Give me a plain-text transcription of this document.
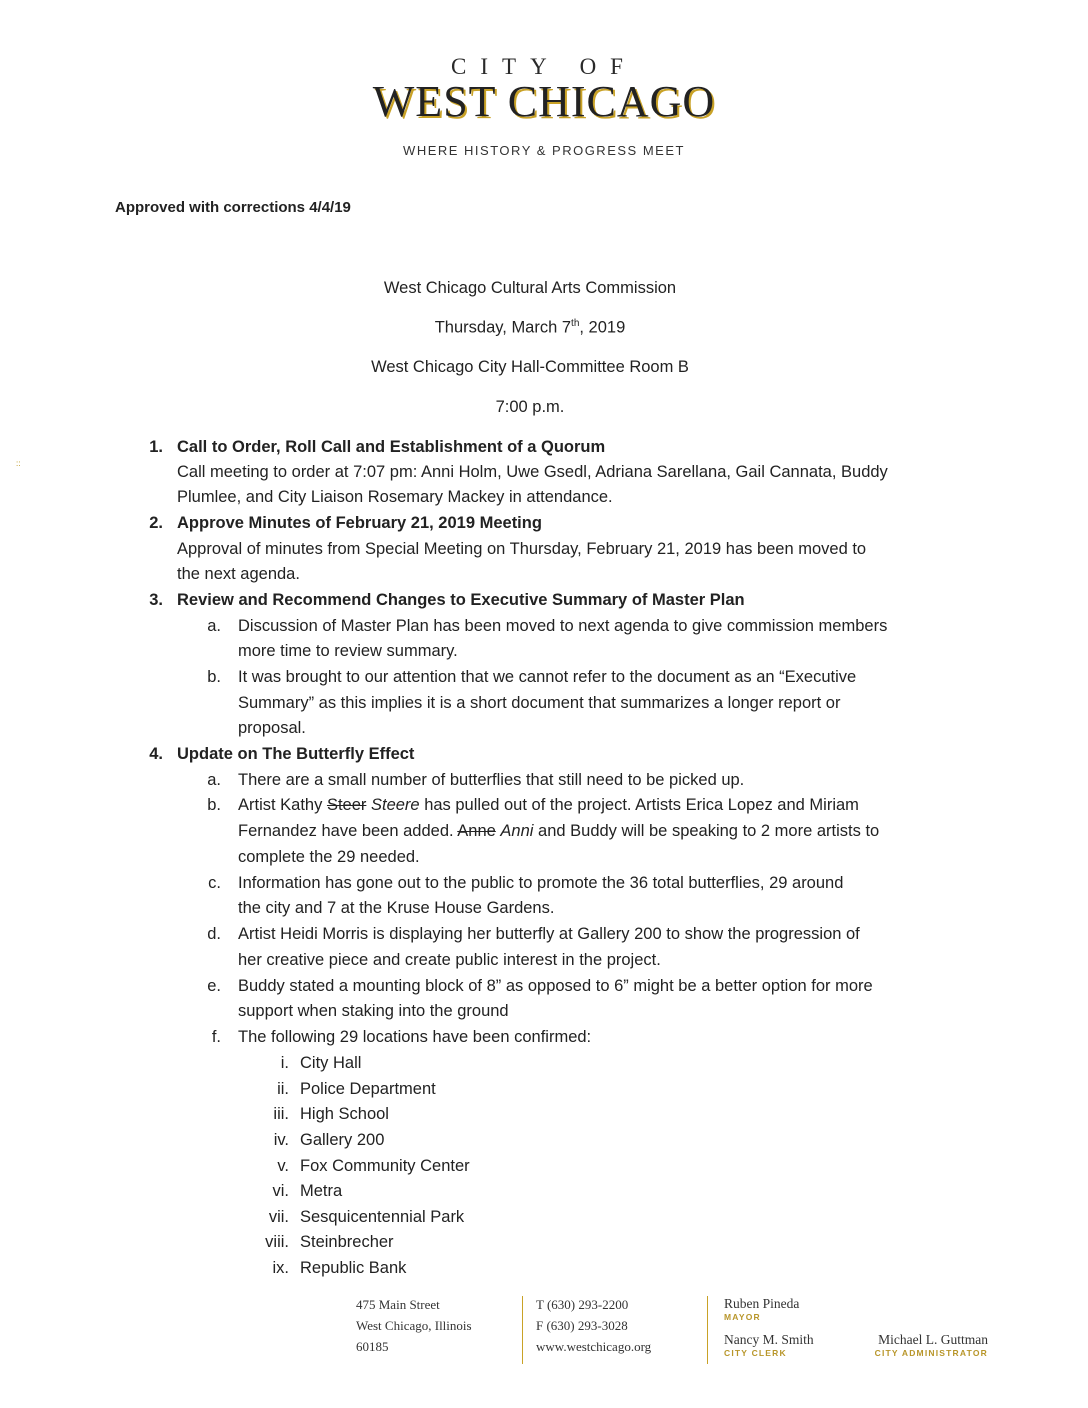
CITY OF
WEST CHICAGO
WHERE HISTORY & PROGRESS MEET
Approved with corrections 4/4/19
West Chicago Cultural Arts Commission
Thursday, March 7th, 2019
West Chicago City Hall-Committee Room B
7:00 p.m.
::
1. Call to Order, Roll Call and Establishment of a Quorum
Call meeting to order at 7:07 pm: Anni Holm, Uwe Gsedl, Adriana Sarellana, Gail Cannata, Buddy
Plumlee, and City Liaison Rosemary Mackey in attendance.
2. Approve Minutes of February 21, 2019 Meeting
Approval of minutes from Special Meeting on Thursday, February 21, 2019 has been moved to
the next agenda.
3. Review and Recommend Changes to Executive Summary of Master Plan
a. Discussion of Master Plan has been moved to next agenda to give commission members
more time to review summary.
b. It was brought to our attention that we cannot refer to the document as an “Executive
Summary” as this implies it is a short document that summarizes a longer report or
proposal.
4. Update on The Butterfly Effect
a. There are a small number of butterflies that still need to be picked up.
b. Artist Kathy Steer Steere has pulled out of the project. Artists Erica Lopez and Miriam
Fernandez have been added. Anne Anni and Buddy will be speaking to 2 more artists to
complete the 29 needed.
c. Information has gone out to the public to promote the 36 total butterflies, 29 around
the city and 7 at the Kruse House Gardens.
d. Artist Heidi Morris is displaying her butterfly at Gallery 200 to show the progression of
her creative piece and create public interest in the project.
e. Buddy stated a mounting block of 8” as opposed to 6” might be a better option for more
support when staking into the ground
f. The following 29 locations have been confirmed:
i. City Hall
ii. Police Department
iii. High School
iv. Gallery 200
v. Fox Community Center
vi. Metra
vii. Sesquicentennial Park
viii. Steinbrecher
ix. Republic Bank
475 Main Street
West Chicago, Illinois
60185
T (630) 293-2200
F (630) 293-3028
www.westchicago.org
Ruben Pineda
MAYOR
Nancy M. Smith
CITY CLERK
Michael L. Guttman
CITY ADMINISTRATOR
